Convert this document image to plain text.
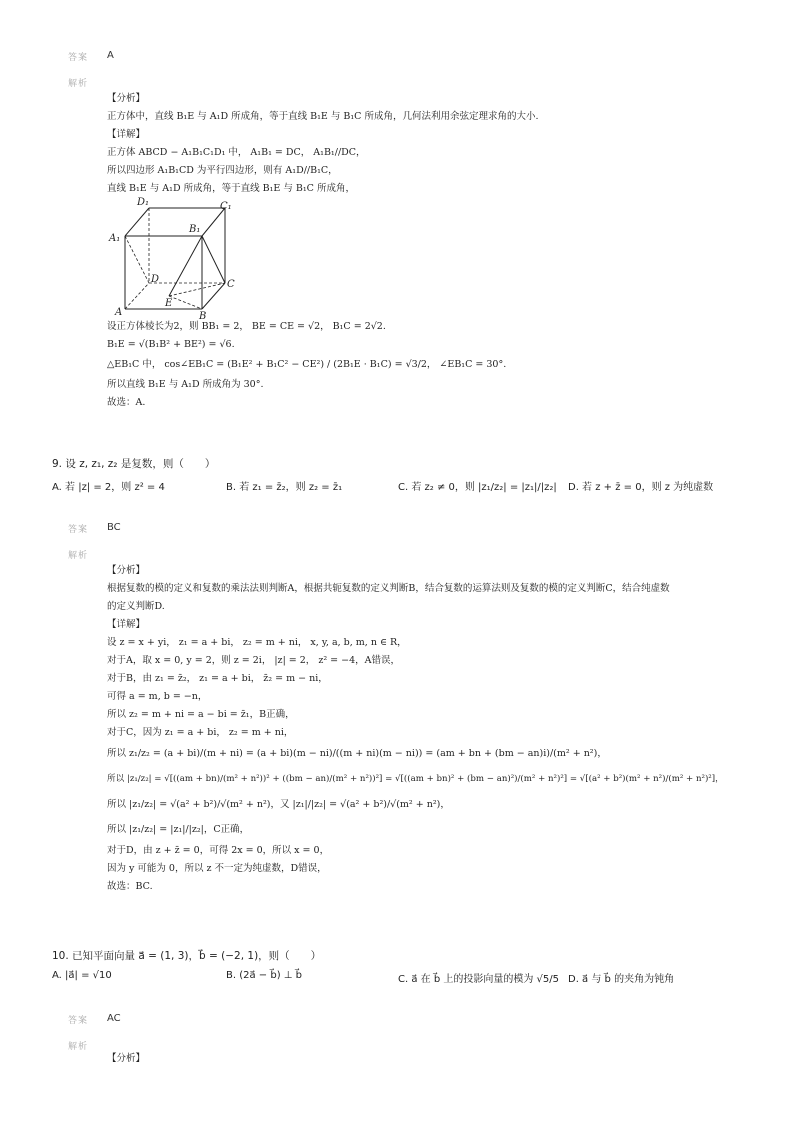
答案 A
解析
【分析】
正方体中，直线 B₁E 与 A₁D 所成角，等于直线 B₁E 与 B₁C 所成角，几何法利用余弦定理求角的大小.
【详解】
正方体 ABCD − A₁B₁C₁D₁ 中， A₁B₁ = DC， A₁B₁//DC，
所以四边形 A₁B₁CD 为平行四边形，则有 A₁D//B₁C，
直线 B₁E 与 A₁D 所成角，等于直线 B₁E 与 B₁C 所成角，
D₁	C₁
A₁
B₁
D	C
A	B
E
设正方体棱长为2，则 BB₁ = 2， BE = CE = √2， B₁C = 2√2.
B₁E = √(B₁B² + BE²) = √6.
△EB₁C 中， cos∠EB₁C = (B₁E² + B₁C² − CE²) / (2B₁E · B₁C) = √3/2， ∠EB₁C = 30°.
所以直线 B₁E 与 A₁D 所成角为 30°.
故选：A.
9. 设 z, z₁, z₂ 是复数，则（　　）
A. 若 |z| = 2，则 z² = 4	B. 若 z₁ = z̄₂，则 z₂ = z̄₁	C. 若 z₂ ≠ 0，则 |z₁/z₂| = |z₁|/|z₂| D. 若 z + z̄ = 0，则 z 为纯虚数
答案 BC
解析
【分析】
根据复数的模的定义和复数的乘法法则判断A，根据共轭复数的定义判断B，结合复数的运算法则及复数的模的定义判断C，结合纯虚数
的定义判断D.
【详解】
设 z = x + yi， z₁ = a + bi， z₂ = m + ni， x, y, a, b, m, n ∈ R，
对于A，取 x = 0, y = 2，则 z = 2i， |z| = 2， z² = −4，A错误，
对于B，由 z₁ = z̄₂， z₁ = a + bi， z̄₂ = m − ni，
可得 a = m, b = −n，
所以 z₂ = m + ni = a − bi = z̄₁，B正确，
对于C，因为 z₁ = a + bi， z₂ = m + ni，
所以 z₁/z₂ = (a + bi)/(m + ni) = (a + bi)(m − ni)/((m + ni)(m − ni)) = (am + bn + (bm − an)i)/(m² + n²)，
所以 |z₁/z₂| = √[((am + bn)/(m² + n²))² + ((bm − an)/(m² + n²))²] = √[((am + bn)² + (bm − an)²)/(m² + n²)²] = √[(a² + b²)(m² + n²)/(m² + n²)²]，
所以 |z₁/z₂| = √(a² + b²)/√(m² + n²)，又 |z₁|/|z₂| = √(a² + b²)/√(m² + n²)，
所以 |z₁/z₂| = |z₁|/|z₂|，C正确，
对于D，由 z + z̄ = 0，可得 2x = 0，所以 x = 0，
因为 y 可能为 0，所以 z 不一定为纯虚数，D错误，
故选：BC.
10. 已知平面向量 a⃗ = (1, 3)，b⃗ = (−2, 1)，则（　　）
A. |a⃗| = √10	B. (2a⃗ − b⃗) ⊥ b⃗	C. a⃗ 在 b⃗ 上的投影向量的模为 √5/5 D. a⃗ 与 b⃗ 的夹角为钝角
答案 AC
解析
【分析】
